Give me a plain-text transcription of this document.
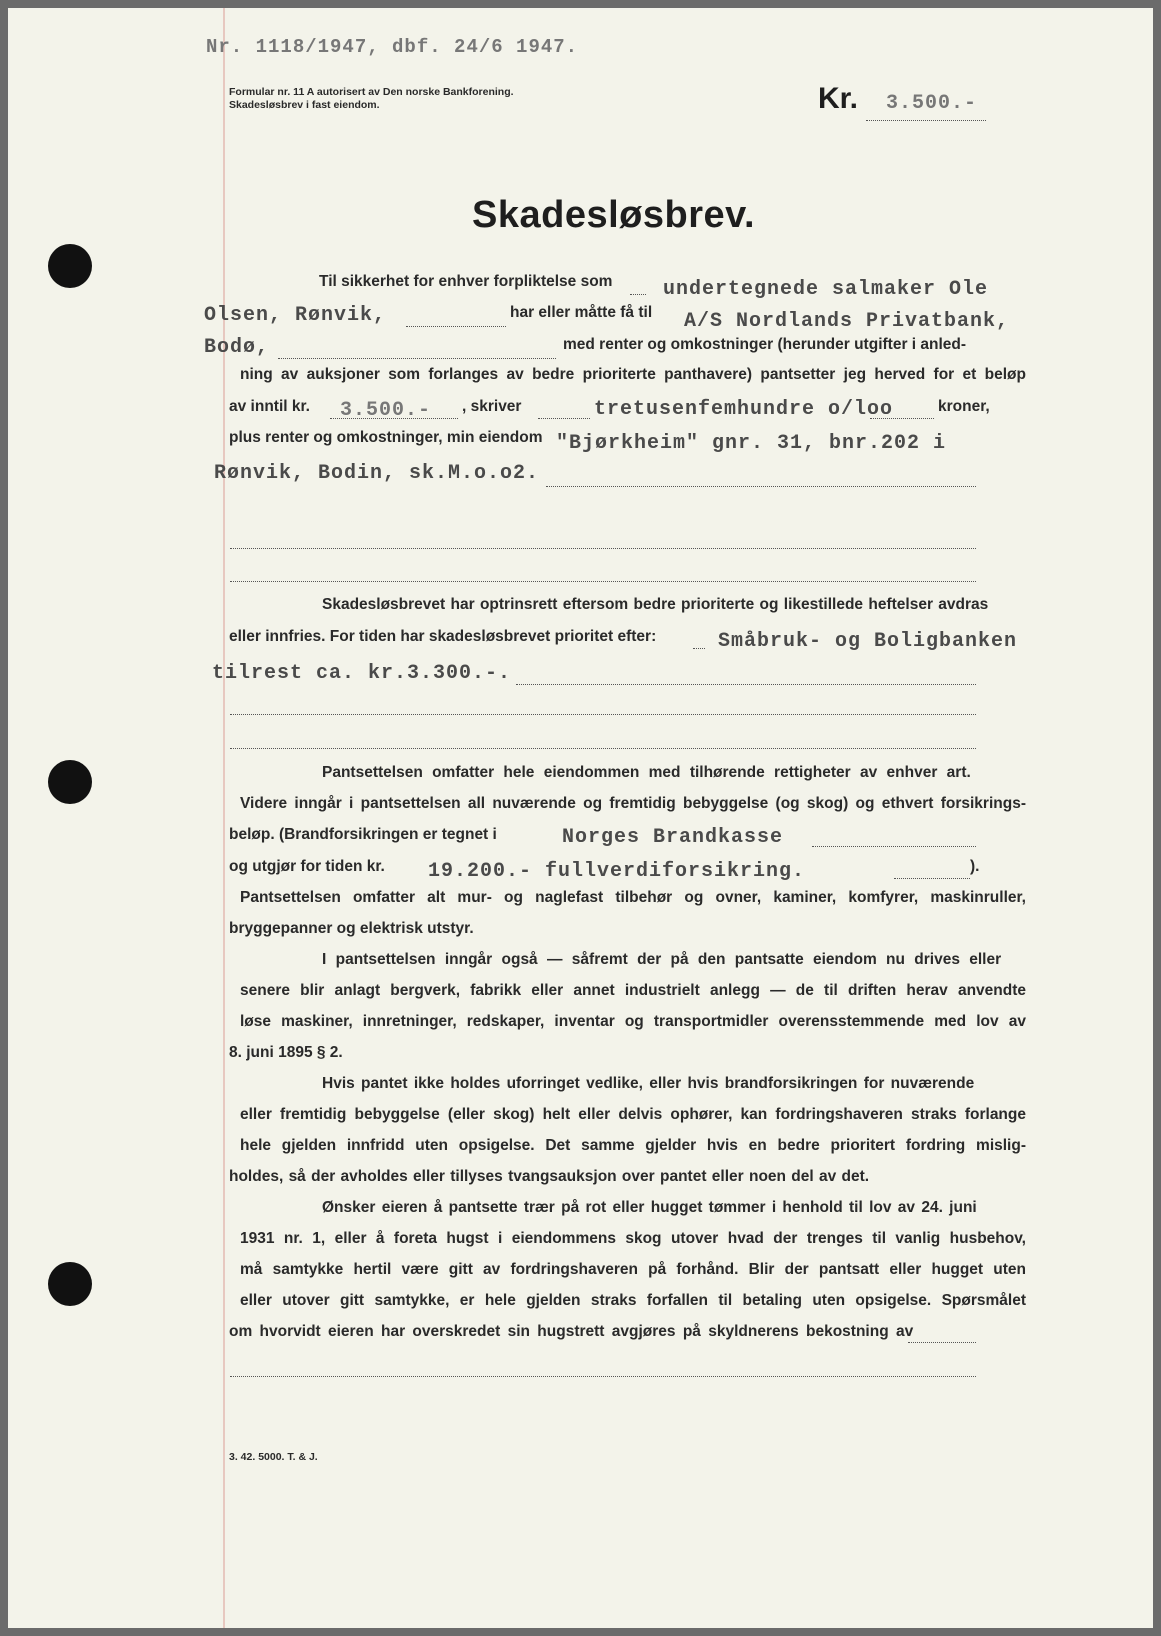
Nr. 1118/1947, dbf. 24/6 1947.
Formular nr. 11 A autorisert av Den norske Bankforening.
Skadesløsbrev i fast eiendom.	Kr. 3.500.-
Skadesløsbrev.
Til sikkerhet for enhver forpliktelse som	undertegnede salmaker Ole
Olsen, Rønvik,	har eller måtte få til A/S Nordlands Privatbank,
Bodø,	med renter og omkostninger (herunder utgifter i anled-
ning av auksjoner som forlanges av bedre prioriterte panthavere) pantsetter jeg herved for et beløp
av inntil kr. 3.500.- , skriver	tretusenfemhundre o/loo	kroner,
plus renter og omkostninger, min eiendom "Bjørkheim" gnr. 31, bnr.202 i
Rønvik, Bodin, sk.M.o.o2.
Skadesløsbrevet har optrinsrett eftersom bedre prioriterte og likestillede heftelser avdras
eller innfries. For tiden har skadesløsbrevet prioritet efter:	Småbruk- og Boligbanken
tilrest ca. kr.3.300.-.
Pantsettelsen omfatter hele eiendommen med tilhørende rettigheter av enhver art.
Videre inngår i pantsettelsen all nuværende og fremtidig bebyggelse (og skog) og ethvert forsikrings-
beløp. (Brandforsikringen er tegnet i	Norges Brandkasse
og utgjør for tiden kr. 19.200.- fullverdiforsikring.	).
Pantsettelsen omfatter alt mur- og naglefast tilbehør og ovner, kaminer, komfyrer, maskinruller,
bryggepanner og elektrisk utstyr.
I pantsettelsen inngår også — såfremt der på den pantsatte eiendom nu drives eller
senere blir anlagt bergverk, fabrikk eller annet industrielt anlegg — de til driften herav anvendte
løse maskiner, innretninger, redskaper, inventar og transportmidler overensstemmende med lov av
8. juni 1895 § 2.
Hvis pantet ikke holdes uforringet vedlike, eller hvis brandforsikringen for nuværende
eller fremtidig bebyggelse (eller skog) helt eller delvis ophører, kan fordringshaveren straks forlange
hele gjelden innfridd uten opsigelse. Det samme gjelder hvis en bedre prioritert fordring mislig-
holdes, så der avholdes eller tillyses tvangsauksjon over pantet eller noen del av det.
Ønsker eieren å pantsette trær på rot eller hugget tømmer i henhold til lov av 24. juni
1931 nr. 1, eller å foreta hugst i eiendommens skog utover hvad der trenges til vanlig husbehov,
må samtykke hertil være gitt av fordringshaveren på forhånd. Blir der pantsatt eller hugget uten
eller utover gitt samtykke, er hele gjelden straks forfallen til betaling uten opsigelse. Spørsmålet
om hvorvidt eieren har overskredet sin hugstrett avgjøres på skyldnerens bekostning av
3. 42. 5000. T. & J.
